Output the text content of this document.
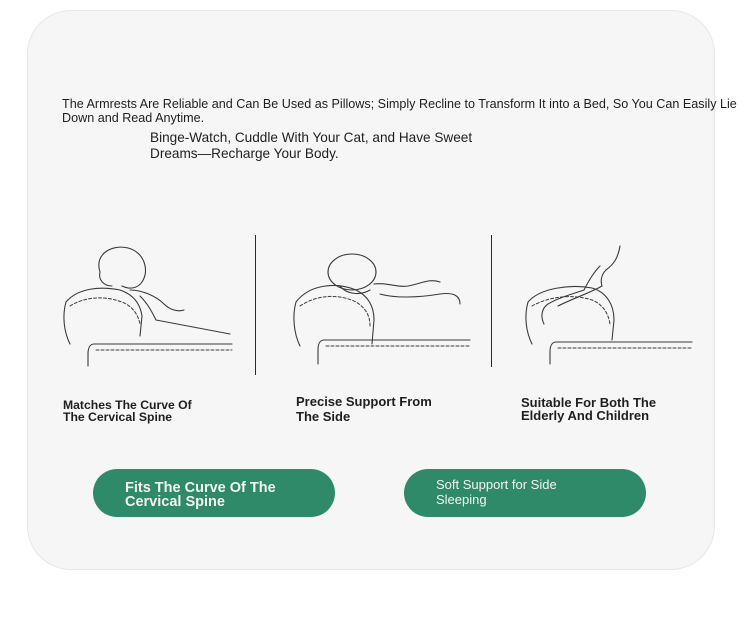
The Armrests Are Reliable and Can Be Used as Pillows; Simply Recline to Transform It into a Bed, So You Can Easily Lie Down and Read Anytime.
Binge-Watch, Cuddle With Your Cat, and Have Sweet Dreams—Recharge Your Body.
Matches The Curve Of
The Cervical Spine
Precise Support From
The Side
Suitable For Both The
Elderly And Children
Fits The Curve Of The
Cervical Spine
Soft Support for Side
Sleeping
